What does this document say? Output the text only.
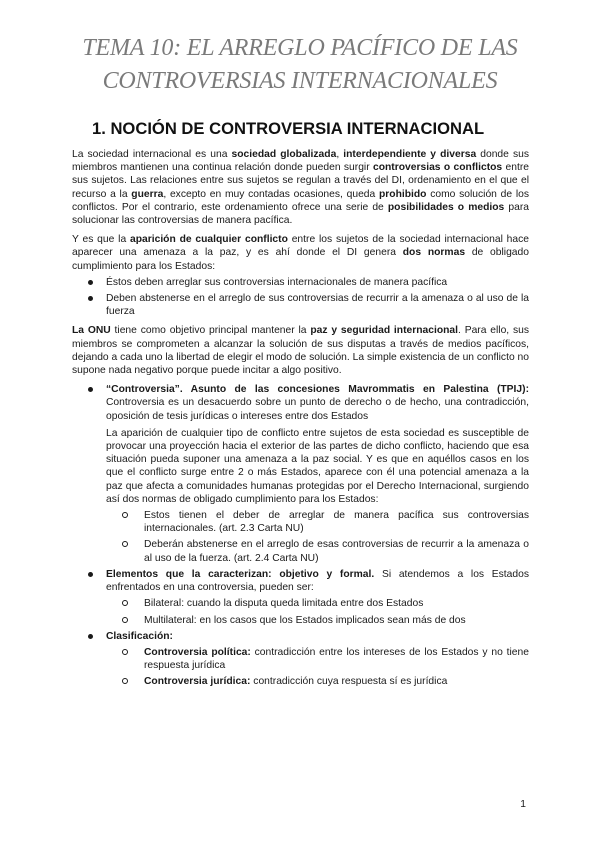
TEMA 10: EL ARREGLO PACÍFICO DE LAS CONTROVERSIAS INTERNACIONALES
1. NOCIÓN DE CONTROVERSIA INTERNACIONAL

La sociedad internacional es una sociedad globalizada, interdependiente y diversa donde sus miembros mantienen una continua relación donde pueden surgir controversias o conflictos entre sus sujetos. Las relaciones entre sus sujetos se regulan a través del DI, ordenamiento en el que el recurso a la guerra, excepto en muy contadas ocasiones, queda prohibido como solución de los conflictos. Por el contrario, este ordenamiento ofrece una serie de posibilidades o medios para solucionar las controversias de manera pacífica.

Y es que la aparición de cualquier conflicto entre los sujetos de la sociedad internacional hace aparecer una amenaza a la paz, y es ahí donde el DI genera dos normas de obligado cumplimiento para los Estados:

Éstos deben arreglar sus controversias internacionales de manera pacífica
Deben abstenerse en el arreglo de sus controversias de recurrir a la amenaza o al uso de la fuerza

La ONU tiene como objetivo principal mantener la paz y seguridad internacional. Para ello, sus miembros se comprometen a alcanzar la solución de sus disputas a través de medios pacíficos, dejando a cada uno la libertad de elegir el modo de solución. La simple existencia de un conflicto no supone nada negativo porque puede incitar a algo positivo.

“Controversia”. Asunto de las concesiones Mavrommatis en Palestina (TPIJ): Controversia es un desacuerdo sobre un punto de derecho o de hecho, una contradicción, oposición de tesis jurídicas o intereses entre dos Estados

La aparición de cualquier tipo de conflicto entre sujetos de esta sociedad es susceptible de provocar una proyección hacia el exterior de las partes de dicho conflicto, haciendo que esa situación pueda suponer una amenaza a la paz social. Y es que en aquéllos casos en los que el conflicto surge entre 2 o más Estados, aparece con él una potencial amenaza a la paz que afecta a comunidades humanas protegidas por el Derecho Internacional, surgiendo así dos normas de obligado cumplimiento para los Estados:

Estos tienen el deber de arreglar de manera pacífica sus controversias internacionales. (art. 2.3 Carta NU)
Deberán abstenerse en el arreglo de esas controversias de recurrir a la amenaza o al uso de la fuerza. (art. 2.4 Carta NU)
Elementos que la caracterizan: objetivo y formal. Si atendemos a los Estados enfrentados en una controversia, pueden ser:
Bilateral: cuando la disputa queda limitada entre dos Estados
Multilateral: en los casos que los Estados implicados sean más de dos
Clasificación:
Controversia política: contradicción entre los intereses de los Estados y no tiene respuesta jurídica
Controversia jurídica: contradicción cuya respuesta sí es jurídica
1
